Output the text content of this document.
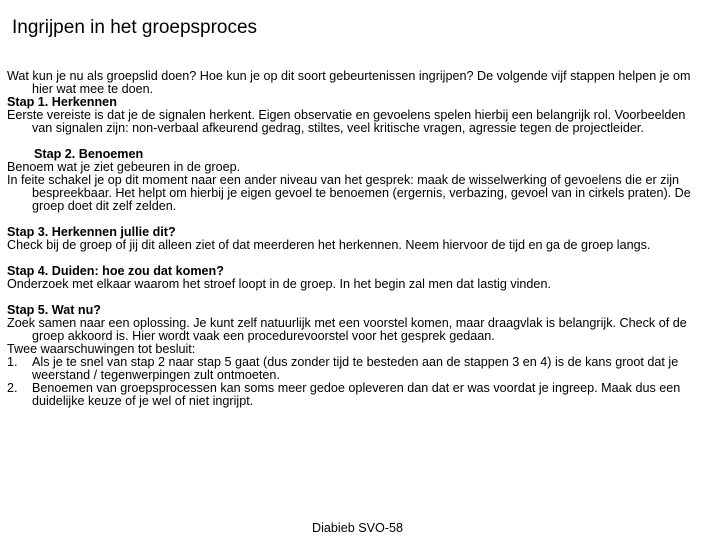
Ingrijpen in het groepsproces

Wat kun je nu als groepslid doen? Hoe kun je op dit soort gebeurtenissen ingrijpen? De volgende vijf stappen helpen je om hier wat mee te doen.

Stap 1. Herkennen

Eerste vereiste is dat je de signalen herkent. Eigen observatie en gevoelens spelen hierbij een belangrijk rol. Voorbeelden van signalen zijn: non-verbaal afkeurend gedrag, stiltes, veel kritische vragen, agressie tegen de projectleider.

Stap 2. Benoemen

Benoem wat je ziet gebeuren in de groep.

In feite schakel je op dit moment naar een ander niveau van het gesprek: maak de wisselwerking of gevoelens die er zijn bespreekbaar. Het helpt om hierbij je eigen gevoel te benoemen (ergernis, verbazing, gevoel van in cirkels praten). De groep doet dit zelf zelden.

Stap 3. Herkennen jullie dit?

Check bij de groep of jij dit alleen ziet of dat meerderen het herkennen. Neem hiervoor de tijd en ga de groep langs.

Stap 4. Duiden: hoe zou dat komen?

Onderzoek met elkaar waarom het stroef loopt in de groep. In het begin zal men dat lastig vinden.

Stap 5. Wat nu?

Zoek samen naar een oplossing. Je kunt zelf natuurlijk met een voorstel komen, maar draagvlak is belangrijk. Check of de groep akkoord is. Hier wordt vaak een procedurevoorstel voor het gesprek gedaan.

Twee waarschuwingen tot besluit:

1. Als je te snel van stap 2 naar stap 5 gaat (dus zonder tijd te besteden aan de stappen 3 en 4) is de kans groot dat je weerstand / tegenwerpingen zult ontmoeten.
2. Benoemen van groepsprocessen kan soms meer gedoe opleveren dan dat er was voordat je ingreep. Maak dus een duidelijke keuze of je wel of niet ingrijpt.
Diabieb SVO-58
